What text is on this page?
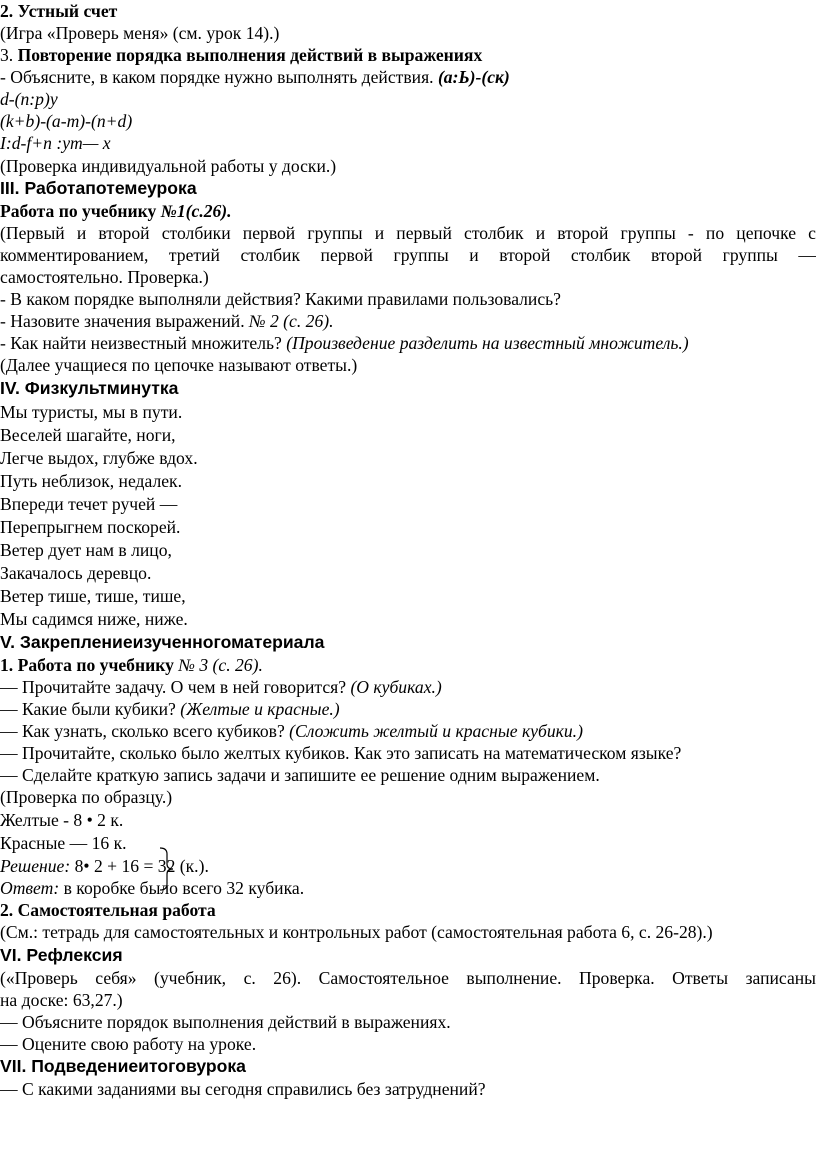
2. Устный счет
(Игра «Проверь меня» (см. урок 14).)
3. Повторение порядка выполнения действий в выражениях
- Объясните, в каком порядке нужно выполнять действия. (а:Ь)-(ск)
d-(n:p)y
(k+b)-(a-m)-(n+d)
I:d-f+n :ym— x
(Проверка индивидуальной работы у доски.)
III. Работапотемеурока
Работа по учебнику №1(с.26).
(Первый и второй столбики первой группы и первый столбик и второй группы - по цепочке с
комментированием, третий столбик первой группы и второй столбик второй группы —
самостоятельно. Проверка.)
- В каком порядке выполняли действия? Какими правилами пользовались?
- Назовите значения выражений. № 2 (с. 26).
- Как найти неизвестный множитель? (Произведение разделить на известный множитель.)
(Далее учащиеся по цепочке называют ответы.)
IV. Физкультминутка
Мы туристы, мы в пути.
Веселей шагайте, ноги,
Легче выдох, глубже вдох.
Путь неблизок, недалек.
Впереди течет ручей —
Перепрыгнем поскорей.
Ветер дует нам в лицо,
Закачалось деревцо.
Ветер тише, тише, тише,
Мы садимся ниже, ниже.
V. Закреплениеизученногоматериала
1. Работа по учебнику № 3 (с. 26).
— Прочитайте задачу. О чем в ней говорится? (О кубиках.)
— Какие были кубики? (Желтые и красные.)
— Как узнать, сколько всего кубиков? (Сложить желтый и красные кубики.)
— Прочитайте, сколько было желтых кубиков. Как это записать на математическом языке?
— Сделайте краткую запись задачи и запишите ее решение одним выражением.
(Проверка по образцу.)
Желтые - 8 • 2 к.
Красные — 16 к.
Решение: 8• 2 + 16 = 32 (к.).
Ответ: в коробке было всего 32 кубика.
2. Самостоятельная работа
(См.: тетрадь для самостоятельных и контрольных работ (самостоятельная работа 6, с. 26-28).)
VI. Рефлексия
(«Проверь себя» (учебник, с. 26). Самостоятельное выполнение. Проверка. Ответы записаны
на доске: 63,27.)
— Объясните порядок выполнения действий в выражениях.
— Оцените свою работу на уроке.
VII. Подведениеитоговурока
— С какими заданиями вы сегодня справились без затруднений?
